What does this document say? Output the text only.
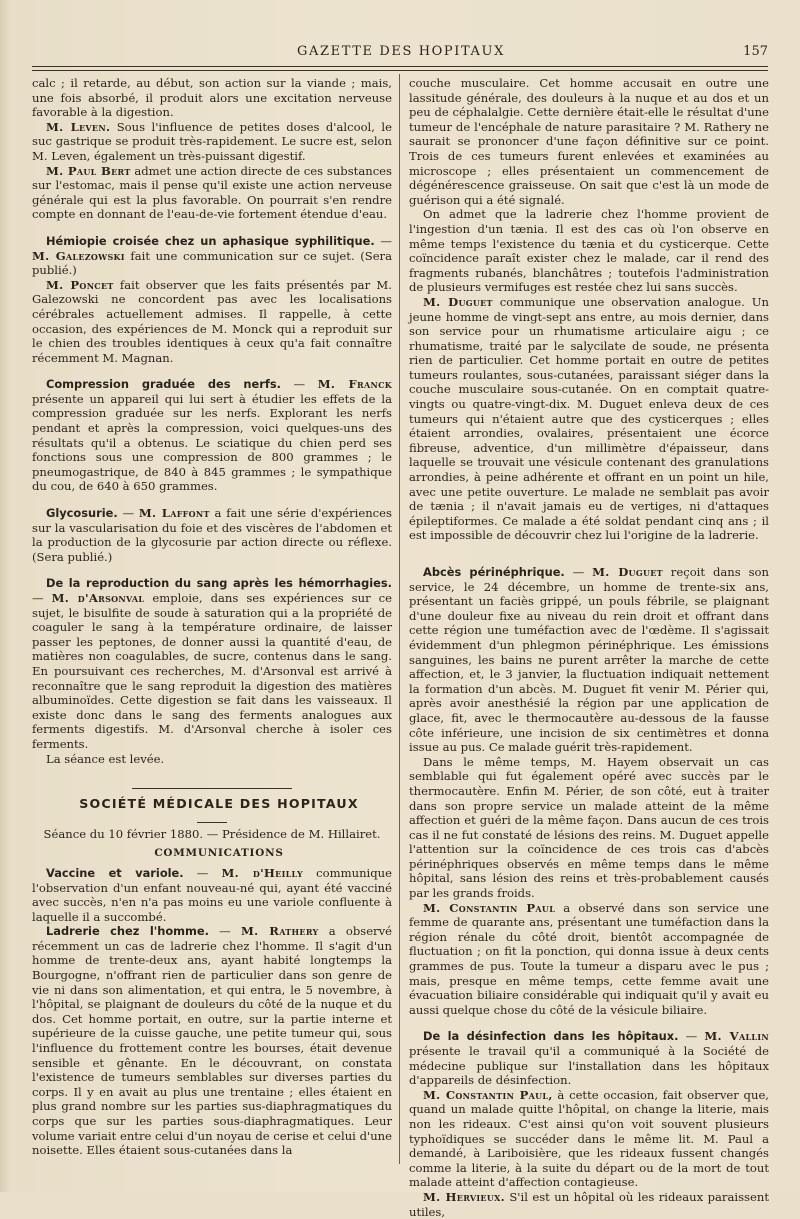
GAZETTE DES HOPITAUX	157

calc ; il retarde, au début, son action sur la viande ; mais, une fois absorbé, il produit alors une excitation nerveuse favorable à la digestion.

M. Leven. Sous l'influence de petites doses d'alcool, le suc gastrique se produit très-rapidement. Le sucre est, selon M. Leven, également un très-puissant digestif.

M. Paul Bert admet une action directe de ces substances sur l'estomac, mais il pense qu'il existe une action nerveuse générale qui est la plus favorable. On pourrait s'en rendre compte en donnant de l'eau-de-vie fortement étendue d'eau.

Hémiopie croisée chez un aphasique syphilitique. — M. Galezowski fait une communication sur ce sujet. (Sera publié.)

M. Poncet fait observer que les faits présentés par M. Galezowski ne concordent pas avec les localisations cérébrales actuellement admises. Il rappelle, à cette occasion, des expériences de M. Monck qui a reproduit sur le chien des troubles identiques à ceux qu'a fait connaître récemment M. Magnan.

Compression graduée des nerfs. — M. Franck présente un appareil qui lui sert à étudier les effets de la compression graduée sur les nerfs. Explorant les nerfs pendant et après la compression, voici quelques-uns des résultats qu'il a obtenus. Le sciatique du chien perd ses fonctions sous une compression de 800 grammes ; le pneumogastrique, de 840 à 845 grammes ; le sympathique du cou, de 640 à 650 grammes.

Glycosurie. — M. Laffont a fait une série d'expériences sur la vascularisation du foie et des viscères de l'abdomen et la production de la glycosurie par action directe ou réflexe. (Sera publié.)

De la reproduction du sang après les hémorrhagies. — M. d'Arsonval emploie, dans ses expériences sur ce sujet, le bisulfite de soude à saturation qui a la propriété de coaguler le sang à la température ordinaire, de laisser passer les peptones, de donner aussi la quantité d'eau, de matières non coagulables, de sucre, contenus dans le sang. En poursuivant ces recherches, M. d'Arsonval est arrivé à reconnaître que le sang reproduit la digestion des matières albuminoïdes. Cette digestion se fait dans les vaisseaux. Il existe donc dans le sang des ferments analogues aux ferments digestifs. M. d'Arsonval cherche à isoler ces ferments.

La séance est levée.

SOCIÉTÉ MÉDICALE DES HOPITAUX

Séance du 10 février 1880. — Présidence de M. Hillairet.

COMMUNICATIONS

Vaccine et variole. — M. d'Heilly communique l'observation d'un enfant nouveau-né qui, ayant été vacciné avec succès, n'en n'a pas moins eu une variole confluente à laquelle il a succombé.

Ladrerie chez l'homme. — M. Rathery a observé récemment un cas de ladrerie chez l'homme. Il s'agit d'un homme de trente-deux ans, ayant habité longtemps la Bourgogne, n'offrant rien de particulier dans son genre de vie ni dans son alimentation, et qui entra, le 5 novembre, à l'hôpital, se plaignant de douleurs du côté de la nuque et du dos. Cet homme portait, en outre, sur la partie interne et supérieure de la cuisse gauche, une petite tumeur qui, sous l'influence du frottement contre les bourses, était devenue sensible et gênante. En le découvrant, on constata l'existence de tumeurs semblables sur diverses parties du corps. Il y en avait au plus une trentaine ; elles étaient en plus grand nombre sur les parties sus-diaphragmatiques du corps que sur les parties sous-diaphragmatiques. Leur volume variait entre celui d'un noyau de cerise et celui d'une noisette. Elles étaient sous-cutanées dans la

couche musculaire. Cet homme accusait en outre une lassitude générale, des douleurs à la nuque et au dos et un peu de céphalalgie. Cette dernière était-elle le résultat d'une tumeur de l'encéphale de nature parasitaire ? M. Rathery ne saurait se prononcer d'une façon définitive sur ce point. Trois de ces tumeurs furent enlevées et examinées au microscope ; elles présentaient un commencement de dégénérescence graisseuse. On sait que c'est là un mode de guérison qui a été signalé.

On admet que la ladrerie chez l'homme provient de l'ingestion d'un tænia. Il est des cas où l'on observe en même temps l'existence du tænia et du cysticerque. Cette coïncidence paraît exister chez le malade, car il rend des fragments rubanés, blanchâtres ; toutefois l'administration de plusieurs vermifuges est restée chez lui sans succès.

M. Duguet communique une observation analogue. Un jeune homme de vingt-sept ans entre, au mois dernier, dans son service pour un rhumatisme articulaire aigu ; ce rhumatisme, traité par le salycilate de soude, ne présenta rien de particulier. Cet homme portait en outre de petites tumeurs roulantes, sous-cutanées, paraissant siéger dans la couche musculaire sous-cutanée. On en comptait quatre-vingts ou quatre-vingt-dix. M. Duguet enleva deux de ces tumeurs qui n'étaient autre que des cysticerques ; elles étaient arrondies, ovalaires, présentaient une écorce fibreuse, adventice, d'un millimètre d'épaisseur, dans laquelle se trouvait une vésicule contenant des granulations arrondies, à peine adhérente et offrant en un point un hile, avec une petite ouverture. Le malade ne semblait pas avoir de tænia ; il n'avait jamais eu de vertiges, ni d'attaques épileptiformes. Ce malade a été soldat pendant cinq ans ; il est impossible de découvrir chez lui l'origine de la ladrerie.

Abcès périnéphrique. — M. Duguet reçoit dans son service, le 24 décembre, un homme de trente-six ans, présentant un faciès grippé, un pouls fébrile, se plaignant d'une douleur fixe au niveau du rein droit et offrant dans cette région une tuméfaction avec de l'œdème. Il s'agissait évidemment d'un phlegmon périnéphrique. Les émissions sanguines, les bains ne purent arrêter la marche de cette affection, et, le 3 janvier, la fluctuation indiquait nettement la formation d'un abcès. M. Duguet fit venir M. Périer qui, après avoir anesthésié la région par une application de glace, fit, avec le thermocautère au-dessous de la fausse côte inférieure, une incision de six centimètres et donna issue au pus. Ce malade guérit très-rapidement.

Dans le même temps, M. Hayem observait un cas semblable qui fut également opéré avec succès par le thermocautère. Enfin M. Périer, de son côté, eut à traiter dans son propre service un malade atteint de la même affection et guéri de la même façon. Dans aucun de ces trois cas il ne fut constaté de lésions des reins. M. Duguet appelle l'attention sur la coïncidence de ces trois cas d'abcès périnéphriques observés en même temps dans le même hôpital, sans lésion des reins et très-probablement causés par les grands froids.

M. Constantin Paul a observé dans son service une femme de quarante ans, présentant une tuméfaction dans la région rénale du côté droit, bientôt accompagnée de fluctuation ; on fit la ponction, qui donna issue à deux cents grammes de pus. Toute la tumeur a disparu avec le pus ; mais, presque en même temps, cette femme avait une évacuation biliaire considérable qui indiquait qu'il y avait eu aussi quelque chose du côté de la vésicule biliaire.

De la désinfection dans les hôpitaux. — M. Vallin présente le travail qu'il a communiqué à la Société de médecine publique sur l'installation dans les hôpitaux d'appareils de désinfection.

M. Constantin Paul, à cette occasion, fait observer que, quand un malade quitte l'hôpital, on change la literie, mais non les rideaux. C'est ainsi qu'on voit souvent plusieurs typhoïdiques se succéder dans le même lit. M. Paul a demandé, à Lariboisière, que les rideaux fussent changés comme la literie, à la suite du départ ou de la mort de tout malade atteint d'affection contagieuse.

M. Hervieux. S'il est un hôpital où les rideaux paraissent utiles,
